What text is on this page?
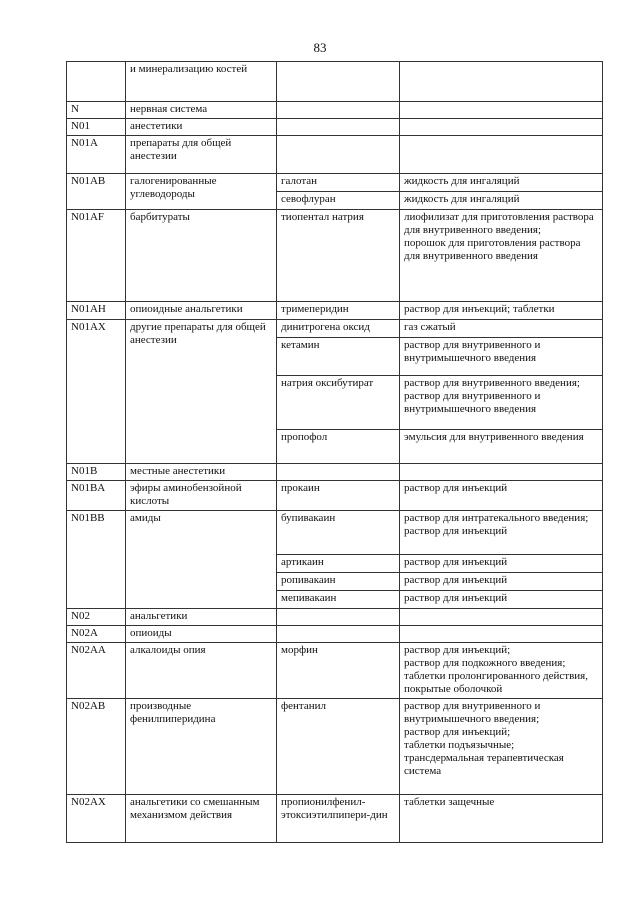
83
	и минерализацию костей		
N	нервная система		
N01	анестетики		
N01A	препараты для общей анестезии		
N01AB	галогенированные углеводороды	галотан	жидкость для ингаляций
		севофлуран	жидкость для ингаляций
N01AF	барбитураты	тиопентал натрия	лиофилизат для приготовления раствора для внутривенного введения;
порошок для приготовления раствора для внутривенного введения
N01AH	опиоидные анальгетики	тримеперидин	раствор для инъекций; таблетки
N01AX	другие препараты для общей анестезии	динитрогена оксид	газ сжатый
		кетамин	раствор для внутривенного и внутримышечного введения
		натрия оксибутират	раствор для внутривенного введения; раствор для внутривенного и внутримышечного введения
		пропофол	эмульсия для внутривенного введения
N01B	местные анестетики		
N01BA	эфиры аминобензойной кислоты	прокаин	раствор для инъекций
N01BB	амиды	бупивакаин	раствор для интратекального введения;
раствор для инъекций
		артикаин	раствор для инъекций
		ропивакаин	раствор для инъекций
		мепивакаин	раствор для инъекций
N02	анальгетики		
N02A	опиоиды		
N02AA	алкалоиды опия	морфин	раствор для инъекций;
раствор для подкожного введения;
таблетки пролонгированного действия, покрытые оболочкой
N02AB	производные фенилпиперидина	фентанил	раствор для внутривенного и внутримышечного введения;
раствор для инъекций;
таблетки подъязычные;
трансдермальная терапевтическая система
N02AX	анальгетики со смешанным механизмом действия	пропионилфенил-этоксиэтилпипери-дин	таблетки защечные
